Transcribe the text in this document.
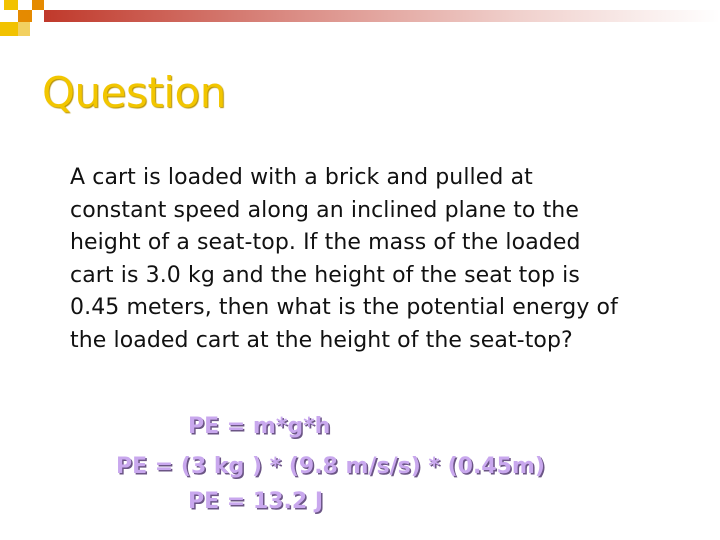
Question
A cart is loaded with a brick and pulled at
constant speed along an inclined plane to the
height of a seat-top. If the mass of the loaded
cart is 3.0 kg and the height of the seat top is
0.45 meters, then what is the potential energy of
the loaded cart at the height of the seat-top?
PE = m*g*h
PE = (3 kg ) * (9.8 m/s/s) * (0.45m)
PE = 13.2 J
